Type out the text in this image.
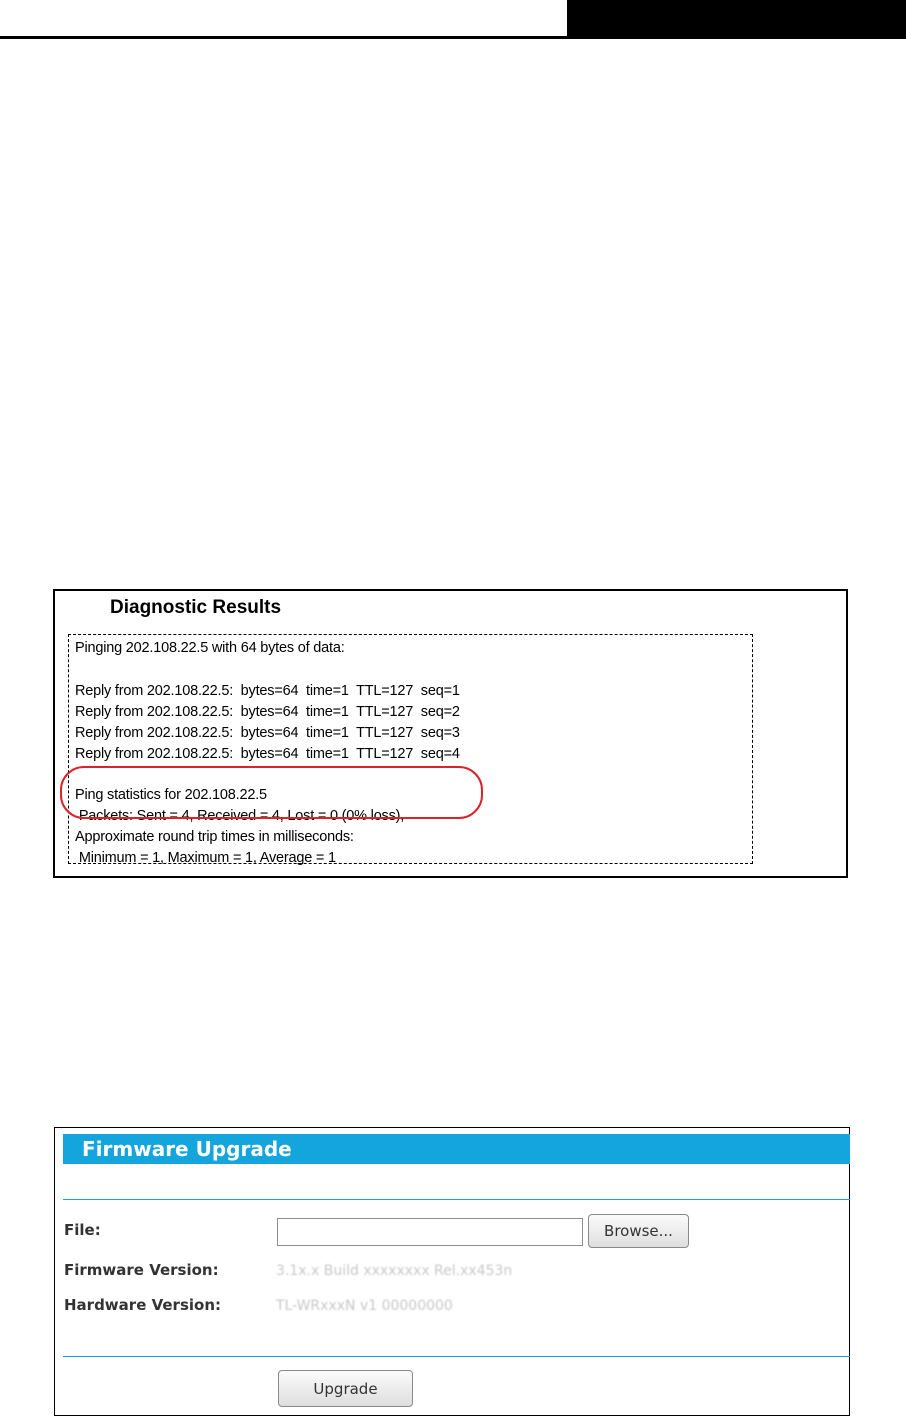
Diagnostic Results
Pinging 202.108.22.5 with 64 bytes of data:
Reply from 202.108.22.5:  bytes=64  time=1  TTL=127  seq=1
Reply from 202.108.22.5:  bytes=64  time=1  TTL=127  seq=2
Reply from 202.108.22.5:  bytes=64  time=1  TTL=127  seq=3
Reply from 202.108.22.5:  bytes=64  time=1  TTL=127  seq=4
Ping statistics for 202.108.22.5
Packets: Sent = 4, Received = 4, Lost = 0 (0% loss),
Approximate round trip times in milliseconds:
Minimum = 1, Maximum = 1, Average = 1
Firmware Upgrade
File:	Browse...
Firmware Version:	3.1x.x Build xxxxxxxx Rel.xx453n
Hardware Version:	TL-WRxxxN v1 00000000
Upgrade
